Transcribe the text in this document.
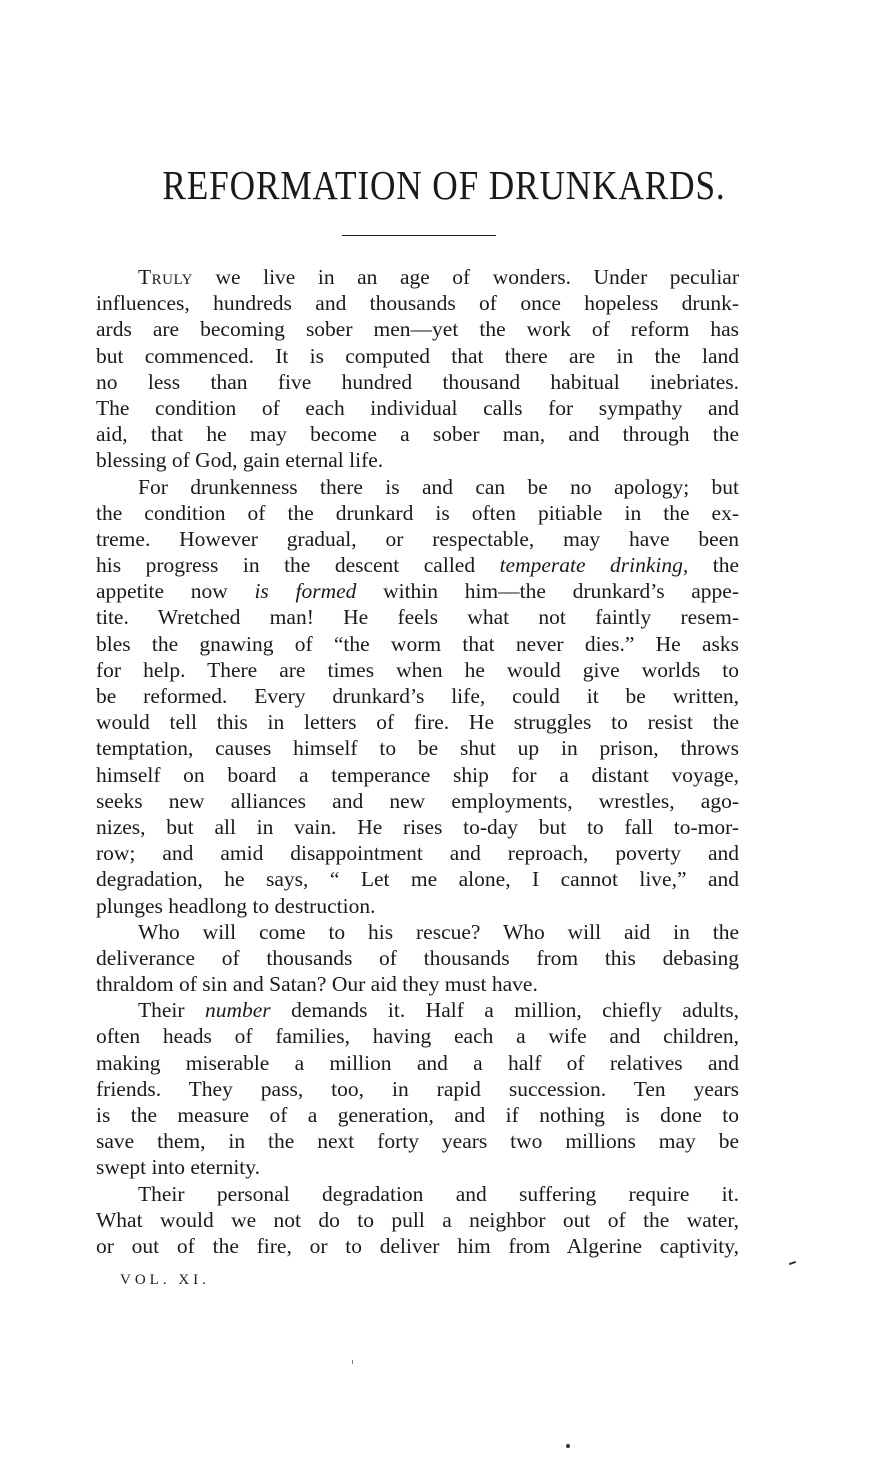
REFORMATION OF DRUNKARDS.
Truly we live in an age of wonders. Under peculiar
influences, hundreds and thousands of once hopeless drunk-
ards are becoming sober men—yet the work of reform has
but commenced. It is computed that there are in the land
no less than five hundred thousand habitual inebriates.
The condition of each individual calls for sympathy and
aid, that he may become a sober man, and through the
blessing of God, gain eternal life.
For drunkenness there is and can be no apology; but
the condition of the drunkard is often pitiable in the ex-
treme. However gradual, or respectable, may have been
his progress in the descent called temperate drinking, the
appetite now is formed within him—the drunkard’s appe-
tite. Wretched man! He feels what not faintly resem-
bles the gnawing of “the worm that never dies.” He asks
for help. There are times when he would give worlds to
be reformed. Every drunkard’s life, could it be written,
would tell this in letters of fire. He struggles to resist the
temptation, causes himself to be shut up in prison, throws
himself on board a temperance ship for a distant voyage,
seeks new alliances and new employments, wrestles, ago-
nizes, but all in vain. He rises to-day but to fall to-mor-
row; and amid disappointment and reproach, poverty and
degradation, he says, “ Let me alone, I cannot live,” and
plunges headlong to destruction.
Who will come to his rescue? Who will aid in the
deliverance of thousands of thousands from this debasing
thraldom of sin and Satan? Our aid they must have.
Their number demands it. Half a million, chiefly adults,
often heads of families, having each a wife and children,
making miserable a million and a half of relatives and
friends. They pass, too, in rapid succession. Ten years
is the measure of a generation, and if nothing is done to
save them, in the next forty years two millions may be
swept into eternity.
Their personal degradation and suffering require it.
What would we not do to pull a neighbor out of the water,
or out of the fire, or to deliver him from Algerine captivity,
VOL. XI.
